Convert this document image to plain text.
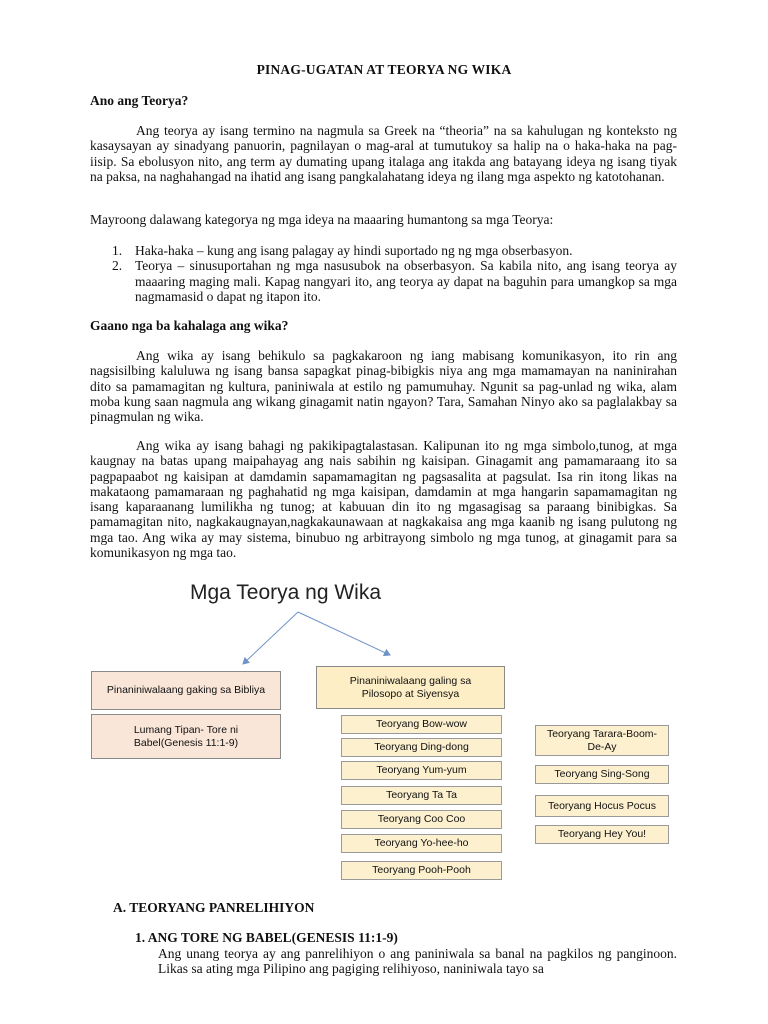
PINAG-UGATAN AT TEORYA NG WIKA
Ano ang Teorya?

Ang teorya ay isang termino na nagmula sa Greek na “theoria” na sa kahulugan ng konteksto ng kasaysayan ay sinadyang panuorin, pagnilayan o mag-aral at tumutukoy sa halip na o haka-haka na pag-iisip. Sa ebolusyon nito, ang term ay dumating upang italaga ang itakda ang batayang ideya ng isang tiyak na paksa, na naghahangad na ihatid ang isang pangkalahatang ideya ng ilang mga aspekto ng katotohanan.

Mayroong dalawang kategorya ng mga ideya na maaaring humantong sa mga Teorya:

1. Haka-haka – kung ang isang palagay ay hindi suportado ng ng mga obserbasyon.
2. Teorya – sinusuportahan ng mga nasusubok na obserbasyon. Sa kabila nito, ang isang teorya ay maaaring maging mali. Kapag nangyari ito, ang teorya ay dapat na baguhin para umangkop sa mga nagmamasid o dapat ng itapon ito.
Gaano nga ba kahalaga ang wika?

Ang wika ay isang behikulo sa pagkakaroon ng iang mabisang komunikasyon, ito rin ang nagsisilbing kaluluwa ng isang bansa sapagkat pinag-bibigkis niya ang mga mamamayan na naninirahan dito sa pamamagitan ng kultura, paniniwala at estilo ng pamumuhay. Ngunit sa pag-unlad ng wika, alam moba kung saan nagmula ang wikang ginagamit natin ngayon? Tara, Samahan Ninyo ako sa paglalakbay sa pinagmulan ng wika.

Ang wika ay isang bahagi ng pakikipagtalastasan. Kalipunan ito ng mga simbolo,tunog, at mga kaugnay na batas upang maipahayag ang nais sabihin ng kaisipan. Ginagamit ang pamamaraang ito sa pagpapaabot ng kaisipan at damdamin sapamamagitan ng pagsasalita at pagsulat. Isa rin itong likas na makataong pamamaraan ng paghahatid ng mga kaisipan, damdamin at mga hangarin sapamamagitan ng isang kaparaanang lumilikha ng tunog; at kabuuan din ito ng mgasagisag sa paraang binibigkas. Sa pamamagitan nito, nagkakaugnayan,nagkakaunawaan at nagkakaisa ang mga kaanib ng isang pulutong ng mga tao. Ang wika ay may sistema, binubuo ng arbitrayong simbolo ng mga tunog, at ginagamit para sa komunikasyon ng mga tao.

Mga Teorya ng Wika
Pinaniniwalaang gaking sa Bibliya
Lumang Tipan- Tore ni Babel(Genesis 11:1-9)
Pinaniniwalaang galing sa Pilosopo at Siyensya
Teoryang Bow-wow
Teoryang Ding-dong
Teoryang Yum-yum
Teoryang Ta Ta
Teoryang Coo Coo
Teoryang Yo-hee-ho
Teoryang Pooh-Pooh
Teoryang Tarara-Boom-De-Ay
Teoryang Sing-Song
Teoryang Hocus Pocus
Teoryang Hey You!
A. TEORYANG PANRELIHIYON
1. ANG TORE NG BABEL(GENESIS 11:1-9)

Ang unang teorya ay ang panrelihiyon o ang paniniwala sa banal na pagkilos ng panginoon. Likas sa ating mga Pilipino ang pagiging relihiyoso, naniniwala tayo sa
